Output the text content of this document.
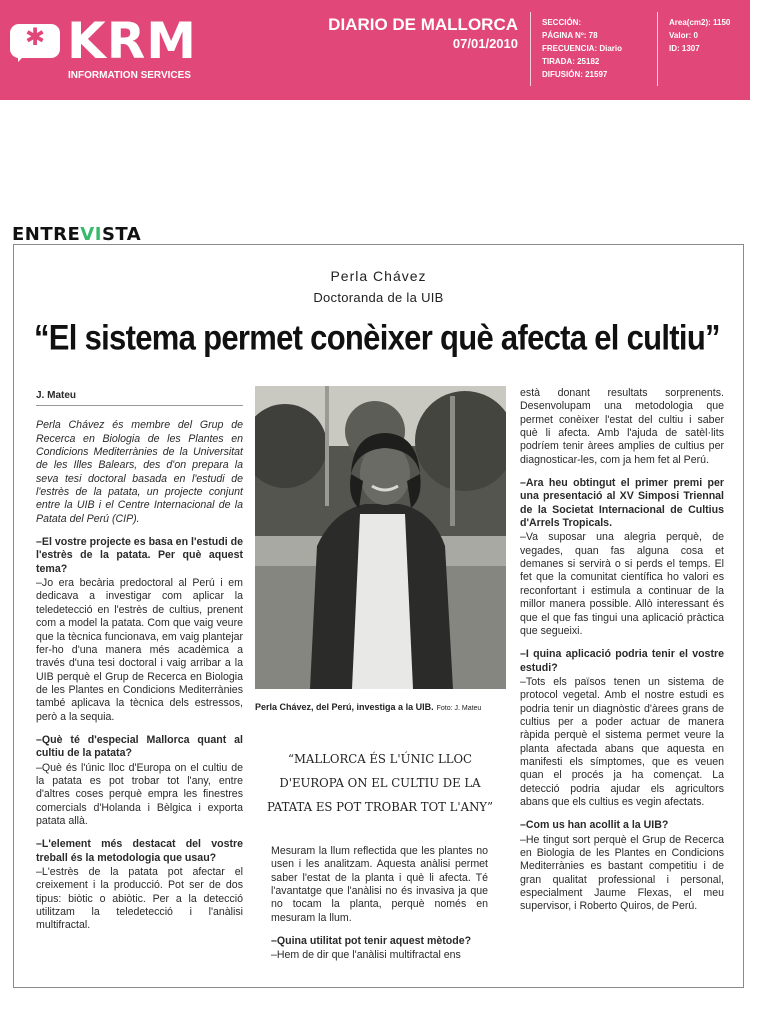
✱ KRM
INFORMATION SERVICES
DIARIO DE MALLORCA
07/01/2010
SECCIÓN:
PÁGINA Nº: 78
FRECUENCIA: Diario
TIRADA: 25182
DIFUSIÓN: 21597
Area(cm2): 1150
Valor: 0
ID: 1307
ENTREVISTA
Perla Chávez
Doctoranda de la UIB
“El sistema permet conèixer què afecta el cultiu”
J. Mateu

Perla Chávez és membre del Grup de Recerca en Biologia de les Plantes en Condicions Mediterrànies de la Universitat de les Illes Balears, des d'on prepara la seva tesi doctoral basada en l'estudi de l'estrès de la patata, un projecte conjunt entre la UIB i el Centre Internacional de la Patata del Perú (CIP).

–El vostre projecte es basa en l'estudi de l'estrès de la patata. Per què aquest tema?

–Jo era becària predoctoral al Perú i em dedicava a investigar com aplicar la teledetecció en l'estrès de cultius, prenent com a model la patata. Com que vaig veure que la tècnica funcionava, em vaig plantejar fer-ho d'una manera més acadèmica a través d'una tesi doctoral i vaig arribar a la UIB perquè el Grup de Recerca en Biologia de les Plantes en Condicions Mediterrànies també aplicava la tècnica dels estressos, però a la sequia.

–Què té d'especial Mallorca quant al cultiu de la patata?

–Què és l'únic lloc d'Europa on el cultiu de la patata es pot trobar tot l'any, entre d'altres coses perquè empra les finestres comercials d'Holanda i Bèlgica i exporta patata allà.

–L'element més destacat del vostre treball és la metodologia que usau?

–L'estrès de la patata pot afectar el creixement i la producció. Pot ser de dos tipus: biòtic o abiòtic. Per a la detecció utilitzam la teledetecció i l'anàlisi multifractal.

Perla Chávez, del Perú, investiga a la UIB. Foto: J. Mateu
“MALLORCA ÉS L'ÚNIC LLOC D'EUROPA ON EL CULTIU DE LA PATATA ES POT TROBAR TOT L'ANY”

Mesuram la llum reflectida que les plantes no usen i les analitzam. Aquesta anàlisi permet saber l'estat de la planta i què li afecta. Té l'avantatge que l'anàlisi no és invasiva ja que no tocam la planta, perquè només en mesuram la llum.

–Quina utilitat pot tenir aquest mètode?

–Hem de dir que l'anàlisi multifractal ens

està donant resultats sorprenents. Desenvolupam una metodologia que permet conèixer l'estat del cultiu i saber què li afecta. Amb l'ajuda de satèl·lits podríem tenir àrees amplies de cultius per diagnosticar-les, com ja hem fet al Perú.

–Ara heu obtingut el primer premi per una presentació al XV Simposi Triennal de la Societat Internacional de Cultius d'Arrels Tropicals.

–Va suposar una alegria perquè, de vegades, quan fas alguna cosa et demanes si servirà o si perds el temps. El fet que la comunitat científica ho valori es reconfortant i estimula a continuar de la millor manera possible. Allò interessant és que el que fas tingui una aplicació pràctica que segueixi.

–I quina aplicació podria tenir el vostre estudi?

–Tots els països tenen un sistema de protocol vegetal. Amb el nostre estudi es podria tenir un diagnòstic d'àrees grans de cultius per a poder actuar de manera ràpida perquè el sistema permet veure la planta afectada abans que aquesta en manifesti els símptomes, que es veuen quan el procés ja ha començat. La detecció podria ajudar els agricultors abans que els cultius es vegin afectats.

–Com us han acollit a la UIB?

–He tingut sort perquè el Grup de Recerca en Biologia de les Plantes en Condicions Mediterrànies es bastant competitiu i de gran qualitat professional i personal, especialment Jaume Flexas, el meu supervisor, i Roberto Quiros, de Perú.
